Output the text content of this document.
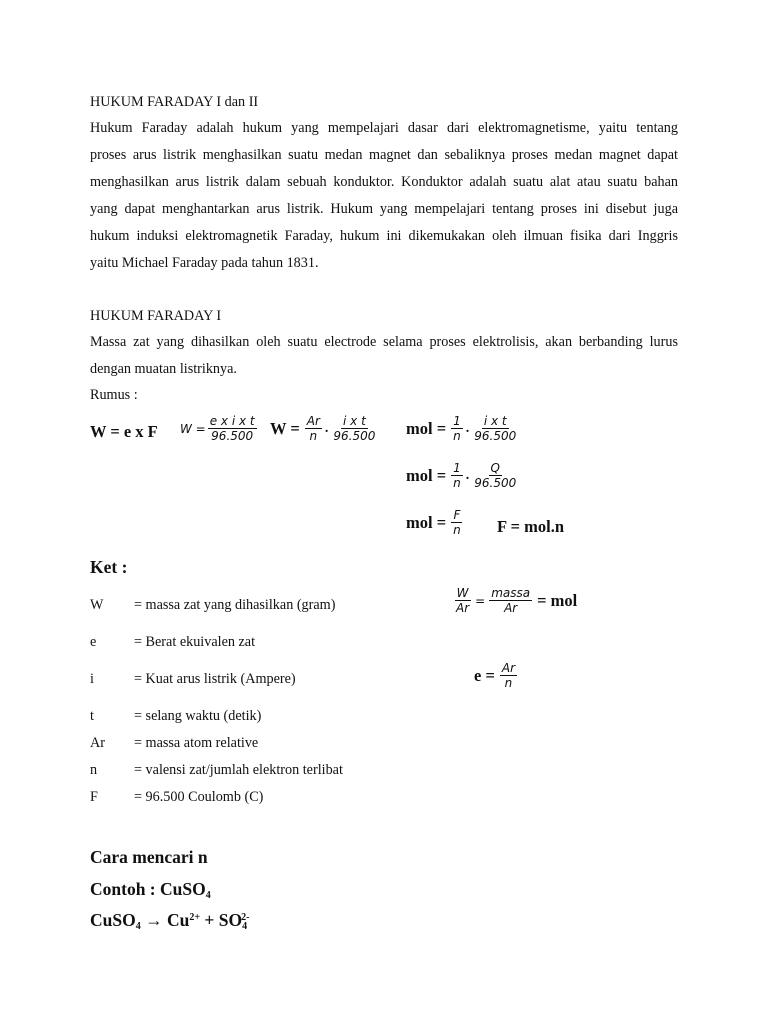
HUKUM FARADAY I dan II
Hukum Faraday adalah hukum yang mempelajari dasar dari elektromagnetisme, yaitu tentang
proses arus listrik menghasilkan suatu medan magnet dan sebaliknya proses medan magnet dapat
menghasilkan arus listrik dalam sebuah konduktor. Konduktor adalah suatu alat atau suatu bahan
yang dapat menghantarkan arus listrik. Hukum yang mempelajari tentang proses ini disebut juga
hukum induksi elektromagnetik Faraday, hukum ini dikemukakan oleh ilmuan fisika dari Inggris
yaitu Michael Faraday pada tahun 1831.
HUKUM FARADAY I
Massa zat yang dihasilkan oleh suatu electrode selama proses elektrolisis, akan berbanding lurus
dengan muatan listriknya.
Rumus :
W = e x F $W = \frac{\text{e x i x t}}{96.500}$ $W = \frac{Ar}{n}$ . $\frac{\text{i x t}}{96.500}$ mol = $\frac{1}{n}$ . $\frac{\text{i x t}}{96.500}$
mol = $\frac{1}{n}$ . $\frac{Q}{96.500}$
mol = $\frac{F}{n}$ F = mol.n
Ket :
W = massa zat yang dihasilkan (gram)
e	= Berat ekuivalen zat
i	= Kuat arus listrik (Ampere)
t	= selang waktu (detik)
Ar = massa atom relative
n	= valensi zat/jumlah elektron terlibat
F	= 96.500 Coulomb (C)
$\frac{W}{Ar} = \frac{\text{massa}}{Ar}$ = mol
$e = \frac{Ar}{n}$
Cara mencari n
Contoh : CuSO$_4$
CuSO$_4$ → $Cu^{2+} + SO_4^{2-}$
